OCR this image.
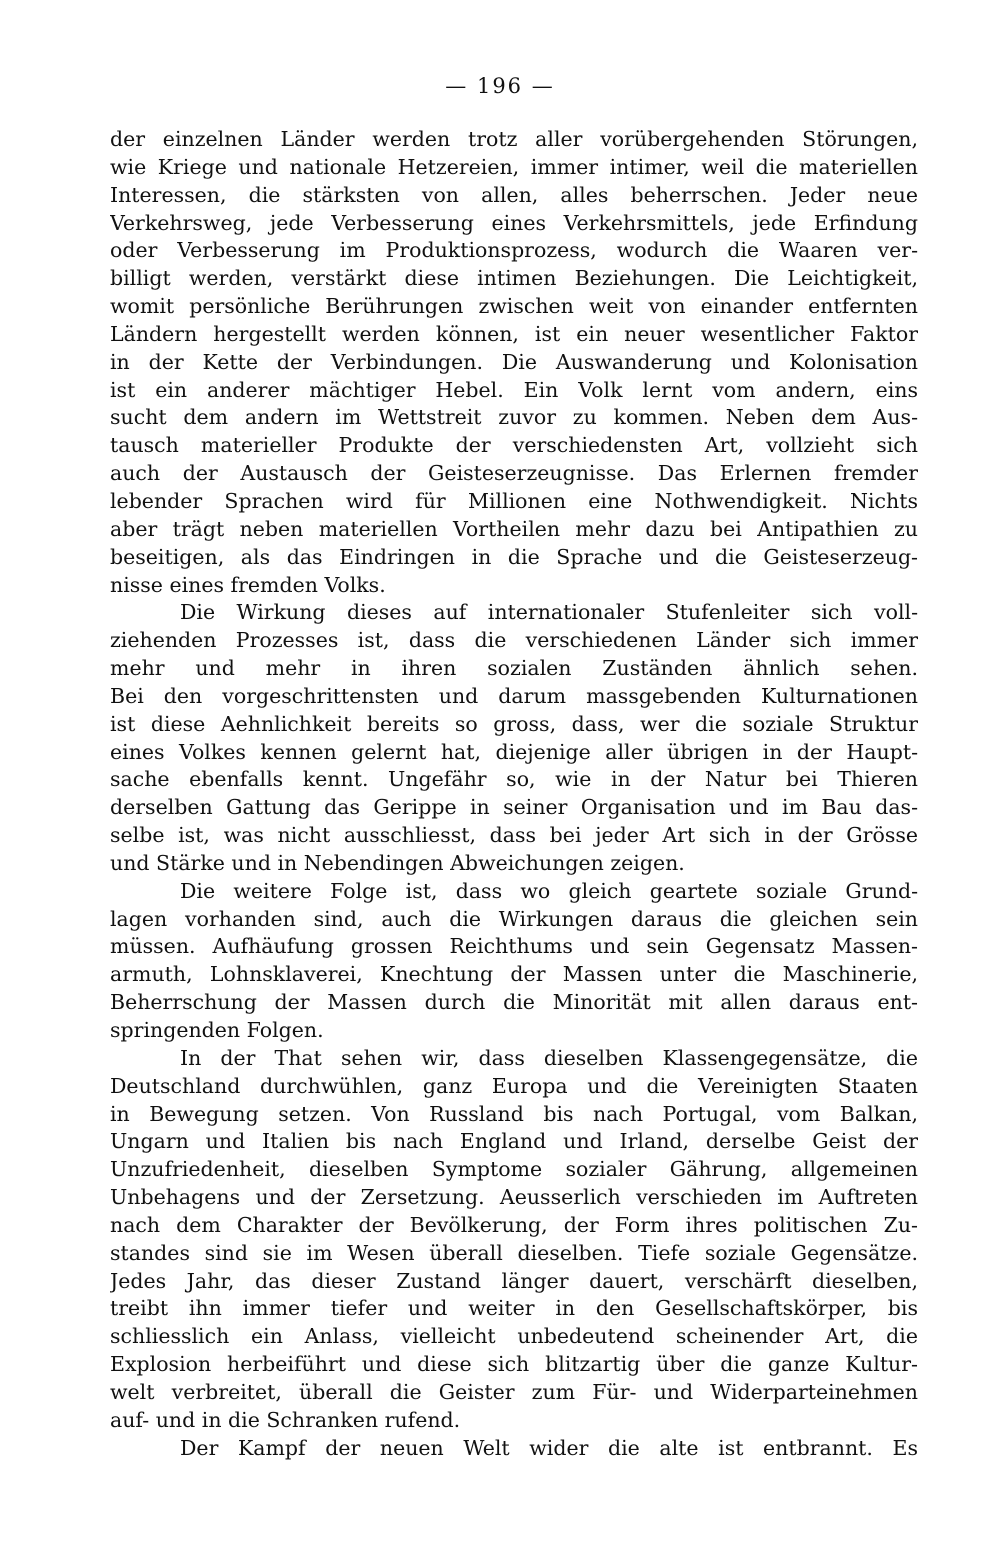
— 196 —
der einzelnen Länder werden trotz aller vorübergehenden Störungen,
wie Kriege und nationale Hetzereien, immer intimer, weil die materiellen
Interessen, die stärksten von allen, alles beherrschen. Jeder neue
Verkehrsweg, jede Verbesserung eines Verkehrsmittels, jede Erfindung
oder Verbesserung im Produktionsprozess, wodurch die Waaren ver-
billigt werden, verstärkt diese intimen Beziehungen. Die Leichtigkeit,
womit persönliche Berührungen zwischen weit von einander entfernten
Ländern hergestellt werden können, ist ein neuer wesentlicher Faktor
in der Kette der Verbindungen. Die Auswanderung und Kolonisation
ist ein anderer mächtiger Hebel. Ein Volk lernt vom andern, eins
sucht dem andern im Wettstreit zuvor zu kommen. Neben dem Aus-
tausch materieller Produkte der verschiedensten Art, vollzieht sich
auch der Austausch der Geisteserzeugnisse. Das Erlernen fremder
lebender Sprachen wird für Millionen eine Nothwendigkeit. Nichts
aber trägt neben materiellen Vortheilen mehr dazu bei Antipathien zu
beseitigen, als das Eindringen in die Sprache und die Geisteserzeug-
nisse eines fremden Volks.
Die Wirkung dieses auf internationaler Stufenleiter sich voll-
ziehenden Prozesses ist, dass die verschiedenen Länder sich immer
mehr und mehr in ihren sozialen Zuständen ähnlich sehen.
Bei den vorgeschrittensten und darum massgebenden Kulturnationen
ist diese Aehnlichkeit bereits so gross, dass, wer die soziale Struktur
eines Volkes kennen gelernt hat, diejenige aller übrigen in der Haupt-
sache ebenfalls kennt. Ungefähr so, wie in der Natur bei Thieren
derselben Gattung das Gerippe in seiner Organisation und im Bau das-
selbe ist, was nicht ausschliesst, dass bei jeder Art sich in der Grösse
und Stärke und in Nebendingen Abweichungen zeigen.
Die weitere Folge ist, dass wo gleich geartete soziale Grund-
lagen vorhanden sind, auch die Wirkungen daraus die gleichen sein
müssen. Aufhäufung grossen Reichthums und sein Gegensatz Massen-
armuth, Lohnsklaverei, Knechtung der Massen unter die Maschinerie,
Beherrschung der Massen durch die Minorität mit allen daraus ent-
springenden Folgen.
In der That sehen wir, dass dieselben Klassengegensätze, die
Deutschland durchwühlen, ganz Europa und die Vereinigten Staaten
in Bewegung setzen. Von Russland bis nach Portugal, vom Balkan,
Ungarn und Italien bis nach England und Irland, derselbe Geist der
Unzufriedenheit, dieselben Symptome sozialer Gährung, allgemeinen
Unbehagens und der Zersetzung. Aeusserlich verschieden im Auftreten
nach dem Charakter der Bevölkerung, der Form ihres politischen Zu-
standes sind sie im Wesen überall dieselben. Tiefe soziale Gegensätze.
Jedes Jahr, das dieser Zustand länger dauert, verschärft dieselben,
treibt ihn immer tiefer und weiter in den Gesellschaftskörper, bis
schliesslich ein Anlass, vielleicht unbedeutend scheinender Art, die
Explosion herbeiführt und diese sich blitzartig über die ganze Kultur-
welt verbreitet, überall die Geister zum Für- und Widerparteinehmen
auf- und in die Schranken rufend.
Der Kampf der neuen Welt wider die alte ist entbrannt. Es
